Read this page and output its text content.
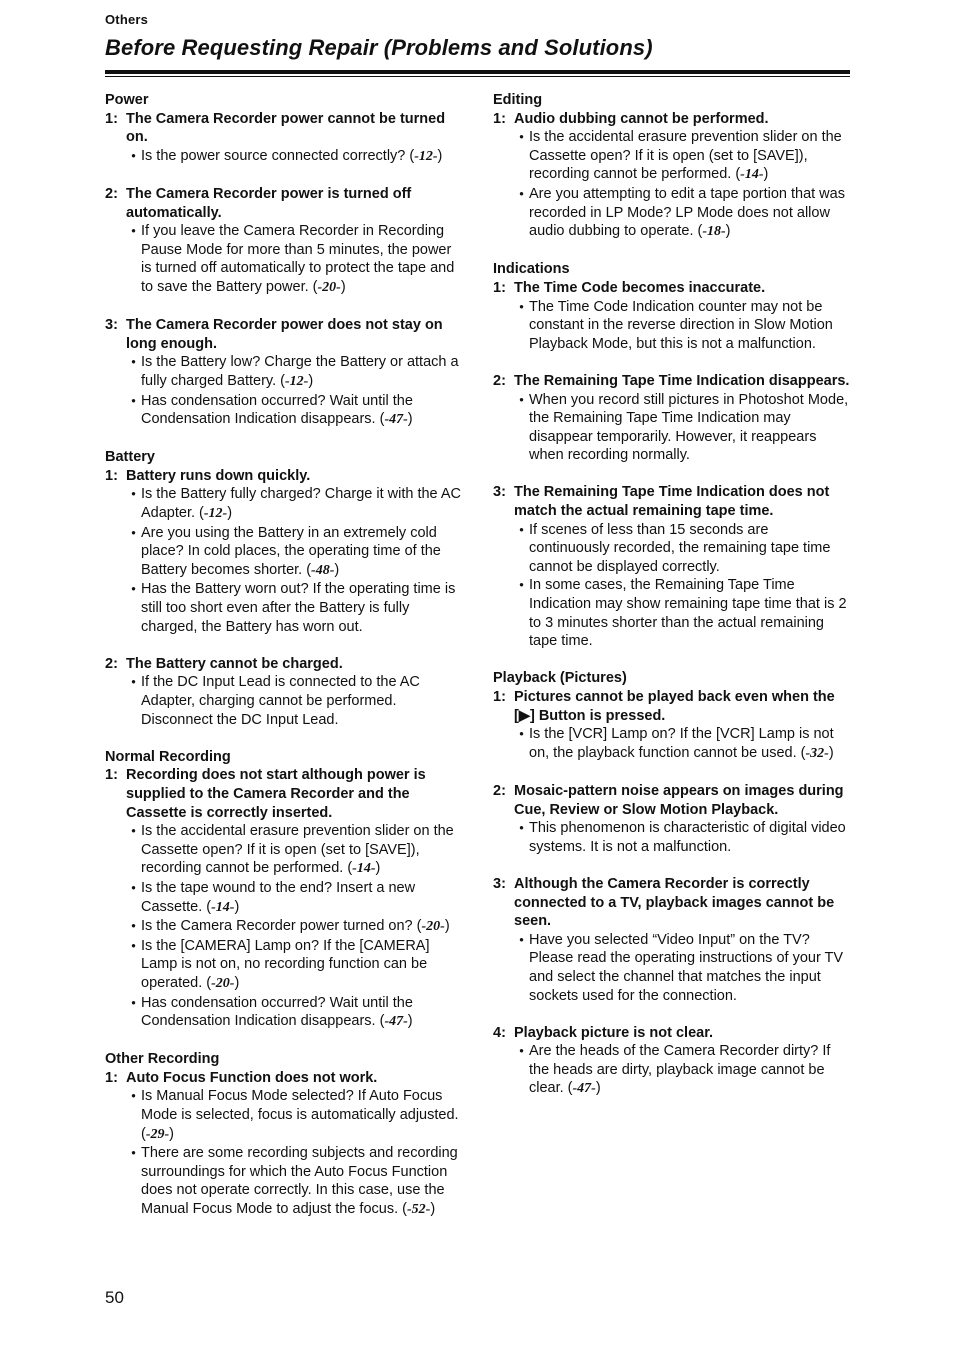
Others
Before Requesting Repair (Problems and Solutions)
Power
1: The Camera Recorder power cannot be turned on.
● Is the power source connected correctly? (-12-)
2: The Camera Recorder power is turned off automatically.
● If you leave the Camera Recorder in Recording Pause Mode for more than 5 minutes, the power is turned off automatically to protect the tape and to save the Battery power. (-20-)
3: The Camera Recorder power does not stay on long enough.
● Is the Battery low? Charge the Battery or attach a fully charged Battery. (-12-)
● Has condensation occurred? Wait until the Condensation Indication disappears. (-47-)
Battery
1: Battery runs down quickly.
● Is the Battery fully charged? Charge it with the AC Adapter. (-12-)
● Are you using the Battery in an extremely cold place? In cold places, the operating time of the Battery becomes shorter. (-48-)
● Has the Battery worn out? If the operating time is still too short even after the Battery is fully charged, the Battery has worn out.
2: The Battery cannot be charged.
● If the DC Input Lead is connected to the AC Adapter, charging cannot be performed. Disconnect the DC Input Lead.
Normal Recording
1: Recording does not start although power is supplied to the Camera Recorder and the Cassette is correctly inserted.
● Is the accidental erasure prevention slider on the Cassette open? If it is open (set to [SAVE]), recording cannot be performed. (-14-)
● Is the tape wound to the end? Insert a new Cassette. (-14-)
● Is the Camera Recorder power turned on? (-20-)
● Is the [CAMERA] Lamp on? If the [CAMERA] Lamp is not on, no recording function can be operated. (-20-)
● Has condensation occurred? Wait until the Condensation Indication disappears. (-47-)
Other Recording
1: Auto Focus Function does not work.
● Is Manual Focus Mode selected? If Auto Focus Mode is selected, focus is automatically adjusted. (-29-)
● There are some recording subjects and recording surroundings for which the Auto Focus Function does not operate correctly. In this case, use the Manual Focus Mode to adjust the focus. (-52-)
Editing
1: Audio dubbing cannot be performed.
● Is the accidental erasure prevention slider on the Cassette open? If it is open (set to [SAVE]), recording cannot be performed. (-14-)
● Are you attempting to edit a tape portion that was recorded in LP Mode? LP Mode does not allow audio dubbing to operate. (-18-)
Indications
1: The Time Code becomes inaccurate.
● The Time Code Indication counter may not be constant in the reverse direction in Slow Motion Playback Mode, but this is not a malfunction.
2: The Remaining Tape Time Indication disappears.
● When you record still pictures in Photoshot Mode, the Remaining Tape Time Indication may disappear temporarily. However, it reappears when recording normally.
3: The Remaining Tape Time Indication does not match the actual remaining tape time.
● If scenes of less than 15 seconds are continuously recorded, the remaining tape time cannot be displayed correctly.
● In some cases, the Remaining Tape Time Indication may show remaining tape time that is 2 to 3 minutes shorter than the actual remaining tape time.
Playback (Pictures)
1: Pictures cannot be played back even when the [▶] Button is pressed.
● Is the [VCR] Lamp on? If the [VCR] Lamp is not on, the playback function cannot be used. (-32-)
2: Mosaic-pattern noise appears on images during Cue, Review or Slow Motion Playback.
● This phenomenon is characteristic of digital video systems. It is not a malfunction.
3: Although the Camera Recorder is correctly connected to a TV, playback images cannot be seen.
● Have you selected “Video Input” on the TV? Please read the operating instructions of your TV and select the channel that matches the input sockets used for the connection.
4: Playback picture is not clear.
● Are the heads of the Camera Recorder dirty? If the heads are dirty, playback image cannot be clear. (-47-)
50
